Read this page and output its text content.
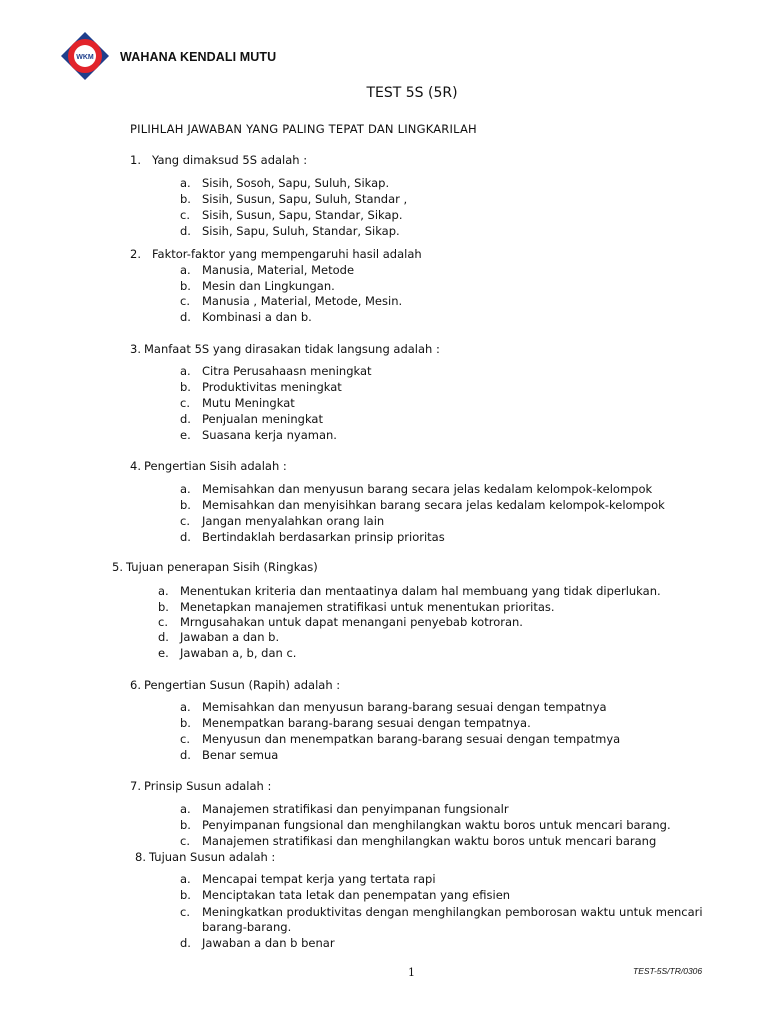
WKM WAHANA KENDALI MUTU
TEST 5S (5R)
PILIHLAH JAWABAN YANG PALING TEPAT DAN LINGKARILAH
1. Yang dimaksud 5S adalah :
a. Sisih, Sosoh, Sapu, Suluh, Sikap.
b. Sisih, Susun, Sapu, Suluh, Standar ,
c. Sisih, Susun, Sapu, Standar, Sikap.
d. Sisih, Sapu, Suluh, Standar, Sikap.
2. Faktor-faktor yang mempengaruhi hasil adalah
a. Manusia, Material, Metode
b. Mesin dan Lingkungan.
c. Manusia , Material, Metode, Mesin.
d. Kombinasi a dan b.
3. Manfaat 5S yang dirasakan tidak langsung adalah :
a. Citra Perusahaasn meningkat
b. Produktivitas meningkat
c. Mutu Meningkat
d. Penjualan meningkat
e. Suasana kerja nyaman.
4. Pengertian Sisih adalah :
a. Memisahkan dan menyusun barang secara jelas kedalam kelompok-kelompok
b. Memisahkan dan menyisihkan barang secara jelas kedalam kelompok-kelompok
c. Jangan menyalahkan orang lain
d. Bertindaklah berdasarkan prinsip prioritas
5. Tujuan penerapan Sisih (Ringkas)
a. Menentukan kriteria dan mentaatinya dalam hal membuang yang tidak diperlukan.
b. Menetapkan manajemen stratifikasi untuk menentukan prioritas.
c. Mrngusahakan untuk dapat menangani penyebab kotroran.
d. Jawaban a dan b.
e. Jawaban a, b, dan c.
6. Pengertian Susun (Rapih) adalah :
a. Memisahkan dan menyusun barang-barang sesuai dengan tempatnya
b. Menempatkan barang-barang sesuai dengan tempatnya.
c. Menyusun dan menempatkan barang-barang sesuai dengan tempatmya
d. Benar semua
7. Prinsip Susun adalah :
a. Manajemen stratifikasi dan penyimpanan fungsionalr
b. Penyimpanan fungsional dan menghilangkan waktu boros untuk mencari barang.
c. Manajemen stratifikasi dan menghilangkan waktu boros untuk mencari barang
8. Tujuan Susun adalah :
a. Mencapai tempat kerja yang tertata rapi
b. Menciptakan tata letak dan penempatan yang efisien
c. Meningkatkan produktivitas dengan menghilangkan pemborosan waktu untuk mencari
barang-barang.
d. Jawaban a dan b benar
1	TEST-5S/TR/0306
